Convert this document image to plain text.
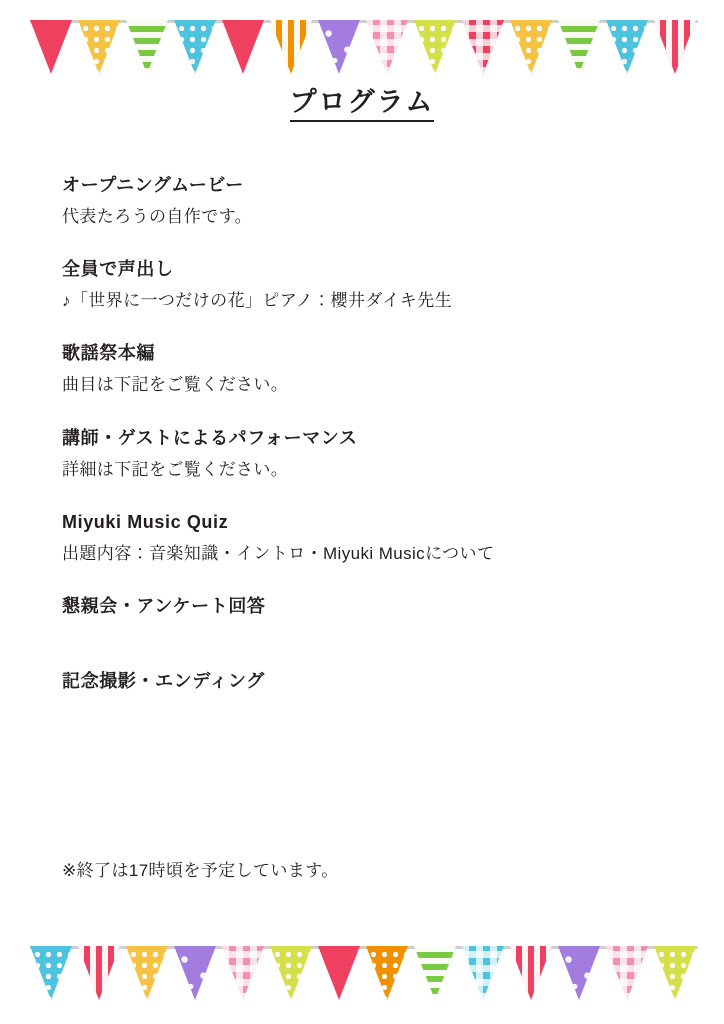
プログラム
オープニングムービー
代表たろうの自作です。
全員で声出し
♪「世界に一つだけの花」ピアノ：櫻井ダイキ先生
歌謡祭本編
曲目は下記をご覧ください。
講師・ゲストによるパフォーマンス
詳細は下記をご覧ください。
Miyuki Music Quiz
出題内容：音楽知識・イントロ・Miyuki Musicについて
懇親会・アンケート回答
記念撮影・エンディング
※終了は17時頃を予定しています。
